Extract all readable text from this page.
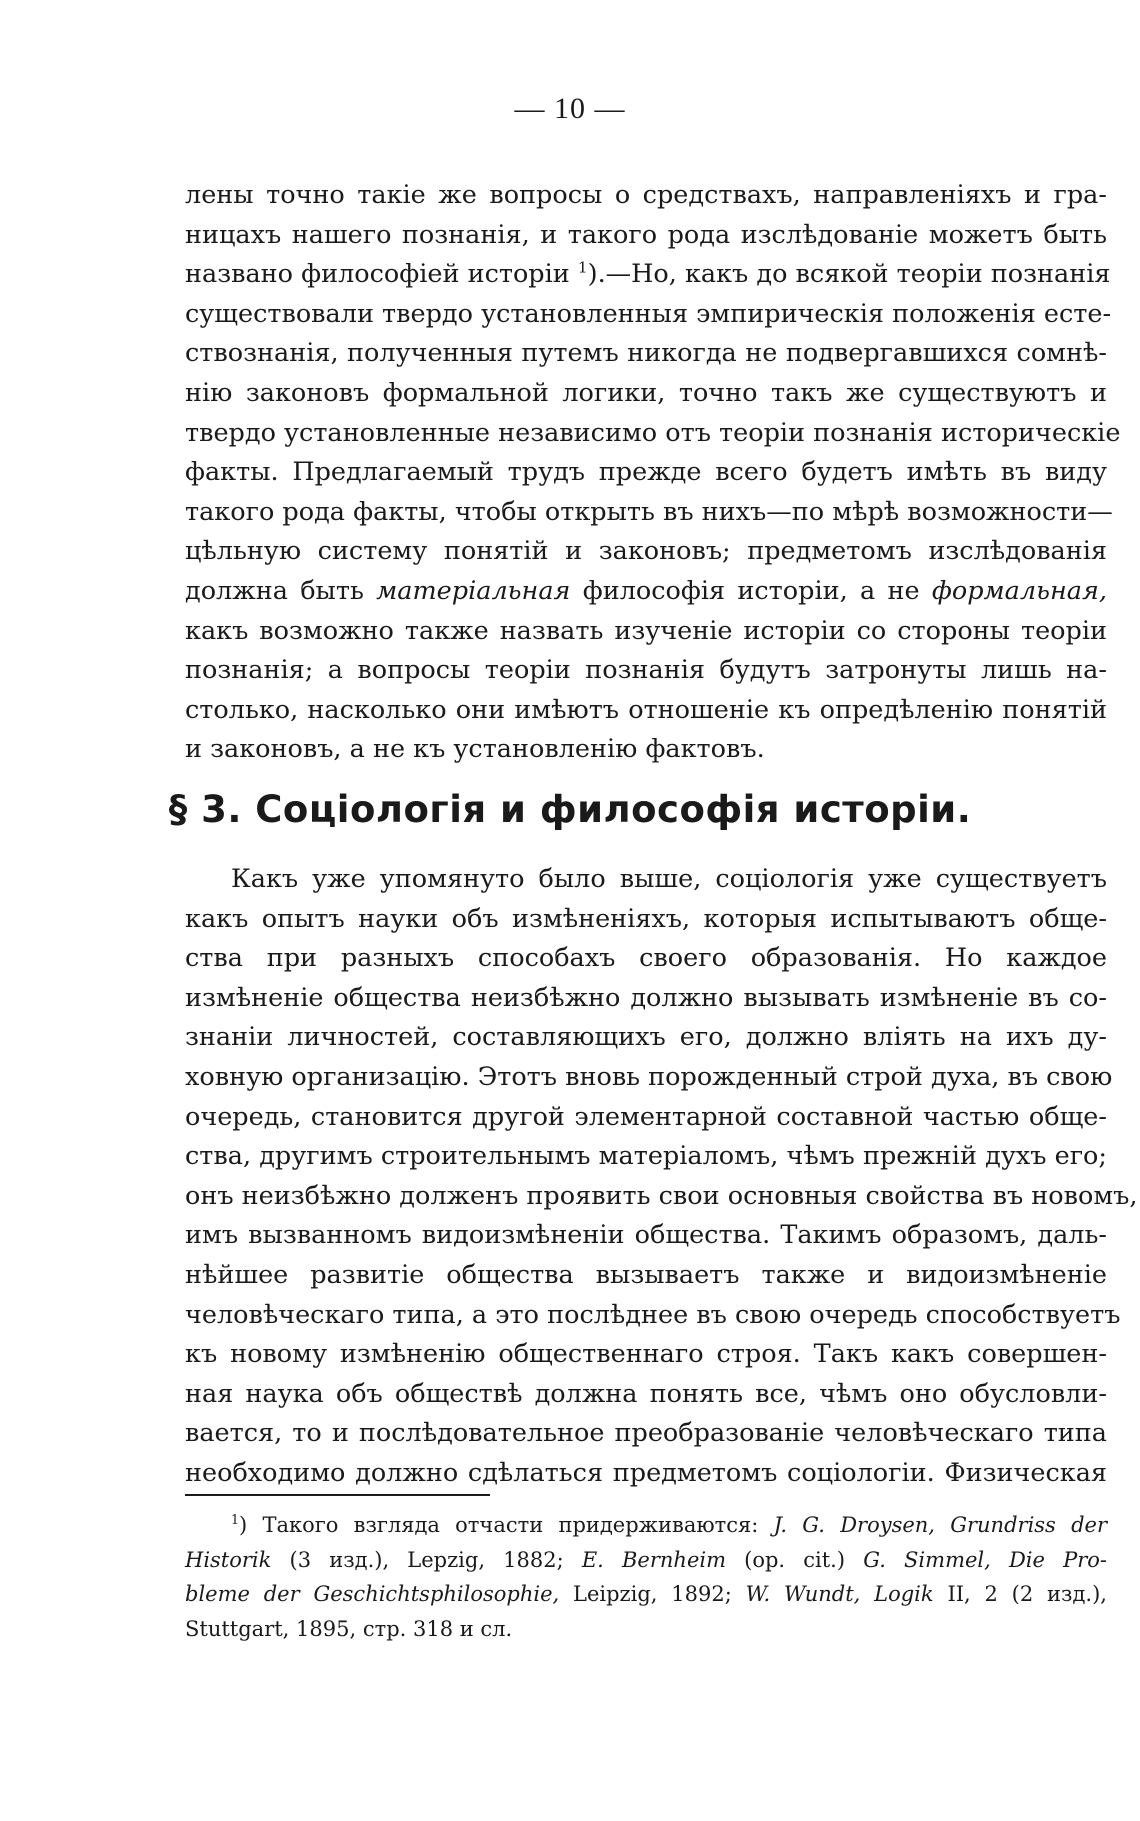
— 10 —
лены точно такіе же вопросы о средствахъ, направленіяхъ и гра-
ницахъ нашего познанія, и такого рода изслѣдованіе можетъ быть
названо философіей исторіи $^1$).—Но, какъ до всякой теоріи познанія
существовали твердо установленныя эмпирическія положенія есте-
ствознанія, полученныя путемъ никогда не подвергавшихся сомнѣ-
нію законовъ формальной логики, точно такъ же существуютъ и
твердо установленные независимо отъ теоріи познанія историческіе
факты. Предлагаемый трудъ прежде всего будетъ имѣть въ виду
такого рода факты, чтобы открыть въ нихъ—по мѣрѣ возможности—
цѣльную систему понятій и законовъ; предметомъ изслѣдованія
должна быть матеріальная философія исторіи, а не формальная,
какъ возможно также назвать изученіе исторіи со стороны теоріи
познанія; а вопросы теоріи познанія будутъ затронуты лишь на-
столько, насколько они имѣютъ отношеніе къ опредѣленію понятій
и законовъ, а не къ установленію фактовъ.
§ 3. Соціологія и философія исторіи.
Какъ уже упомянуто было выше, соціологія уже существуетъ
какъ опытъ науки объ измѣненіяхъ, которыя испытываютъ обще-
ства при разныхъ способахъ своего образованія. Но каждое
измѣненіе общества неизбѣжно должно вызывать измѣненіе въ со-
знаніи личностей, составляющихъ его, должно вліять на ихъ ду-
ховную организацію. Этотъ вновь порожденный строй духа, въ свою
очередь, становится другой элементарной составной частью обще-
ства, другимъ строительнымъ матеріаломъ, чѣмъ прежній духъ его;
онъ неизбѣжно долженъ проявить свои основныя свойства въ новомъ,
имъ вызванномъ видоизмѣненіи общества. Такимъ образомъ, даль-
нѣйшее развитіе общества вызываетъ также и видоизмѣненіе
человѣческаго типа, а это послѣднее въ свою очередь способствуетъ
къ новому измѣненію общественнаго строя. Такъ какъ совершен-
ная наука объ обществѣ должна понять все, чѣмъ оно обусловли-
вается, то и послѣдовательное преобразованіе человѣческаго типа
необходимо должно сдѣлаться предметомъ соціологіи. Физическая
$^1$) Такого взгляда отчасти придерживаются: J. G. Droysen, Grundriss der
Historik (3 изд.), Lepzig, 1882; E. Bernheim (op. cit.) G. Simmel, Die Pro-
bleme der Geschichtsphilosophie, Leipzig, 1892; W. Wundt, Logik II, 2 (2 изд.),
Stuttgart, 1895, стр. 318 и сл.
